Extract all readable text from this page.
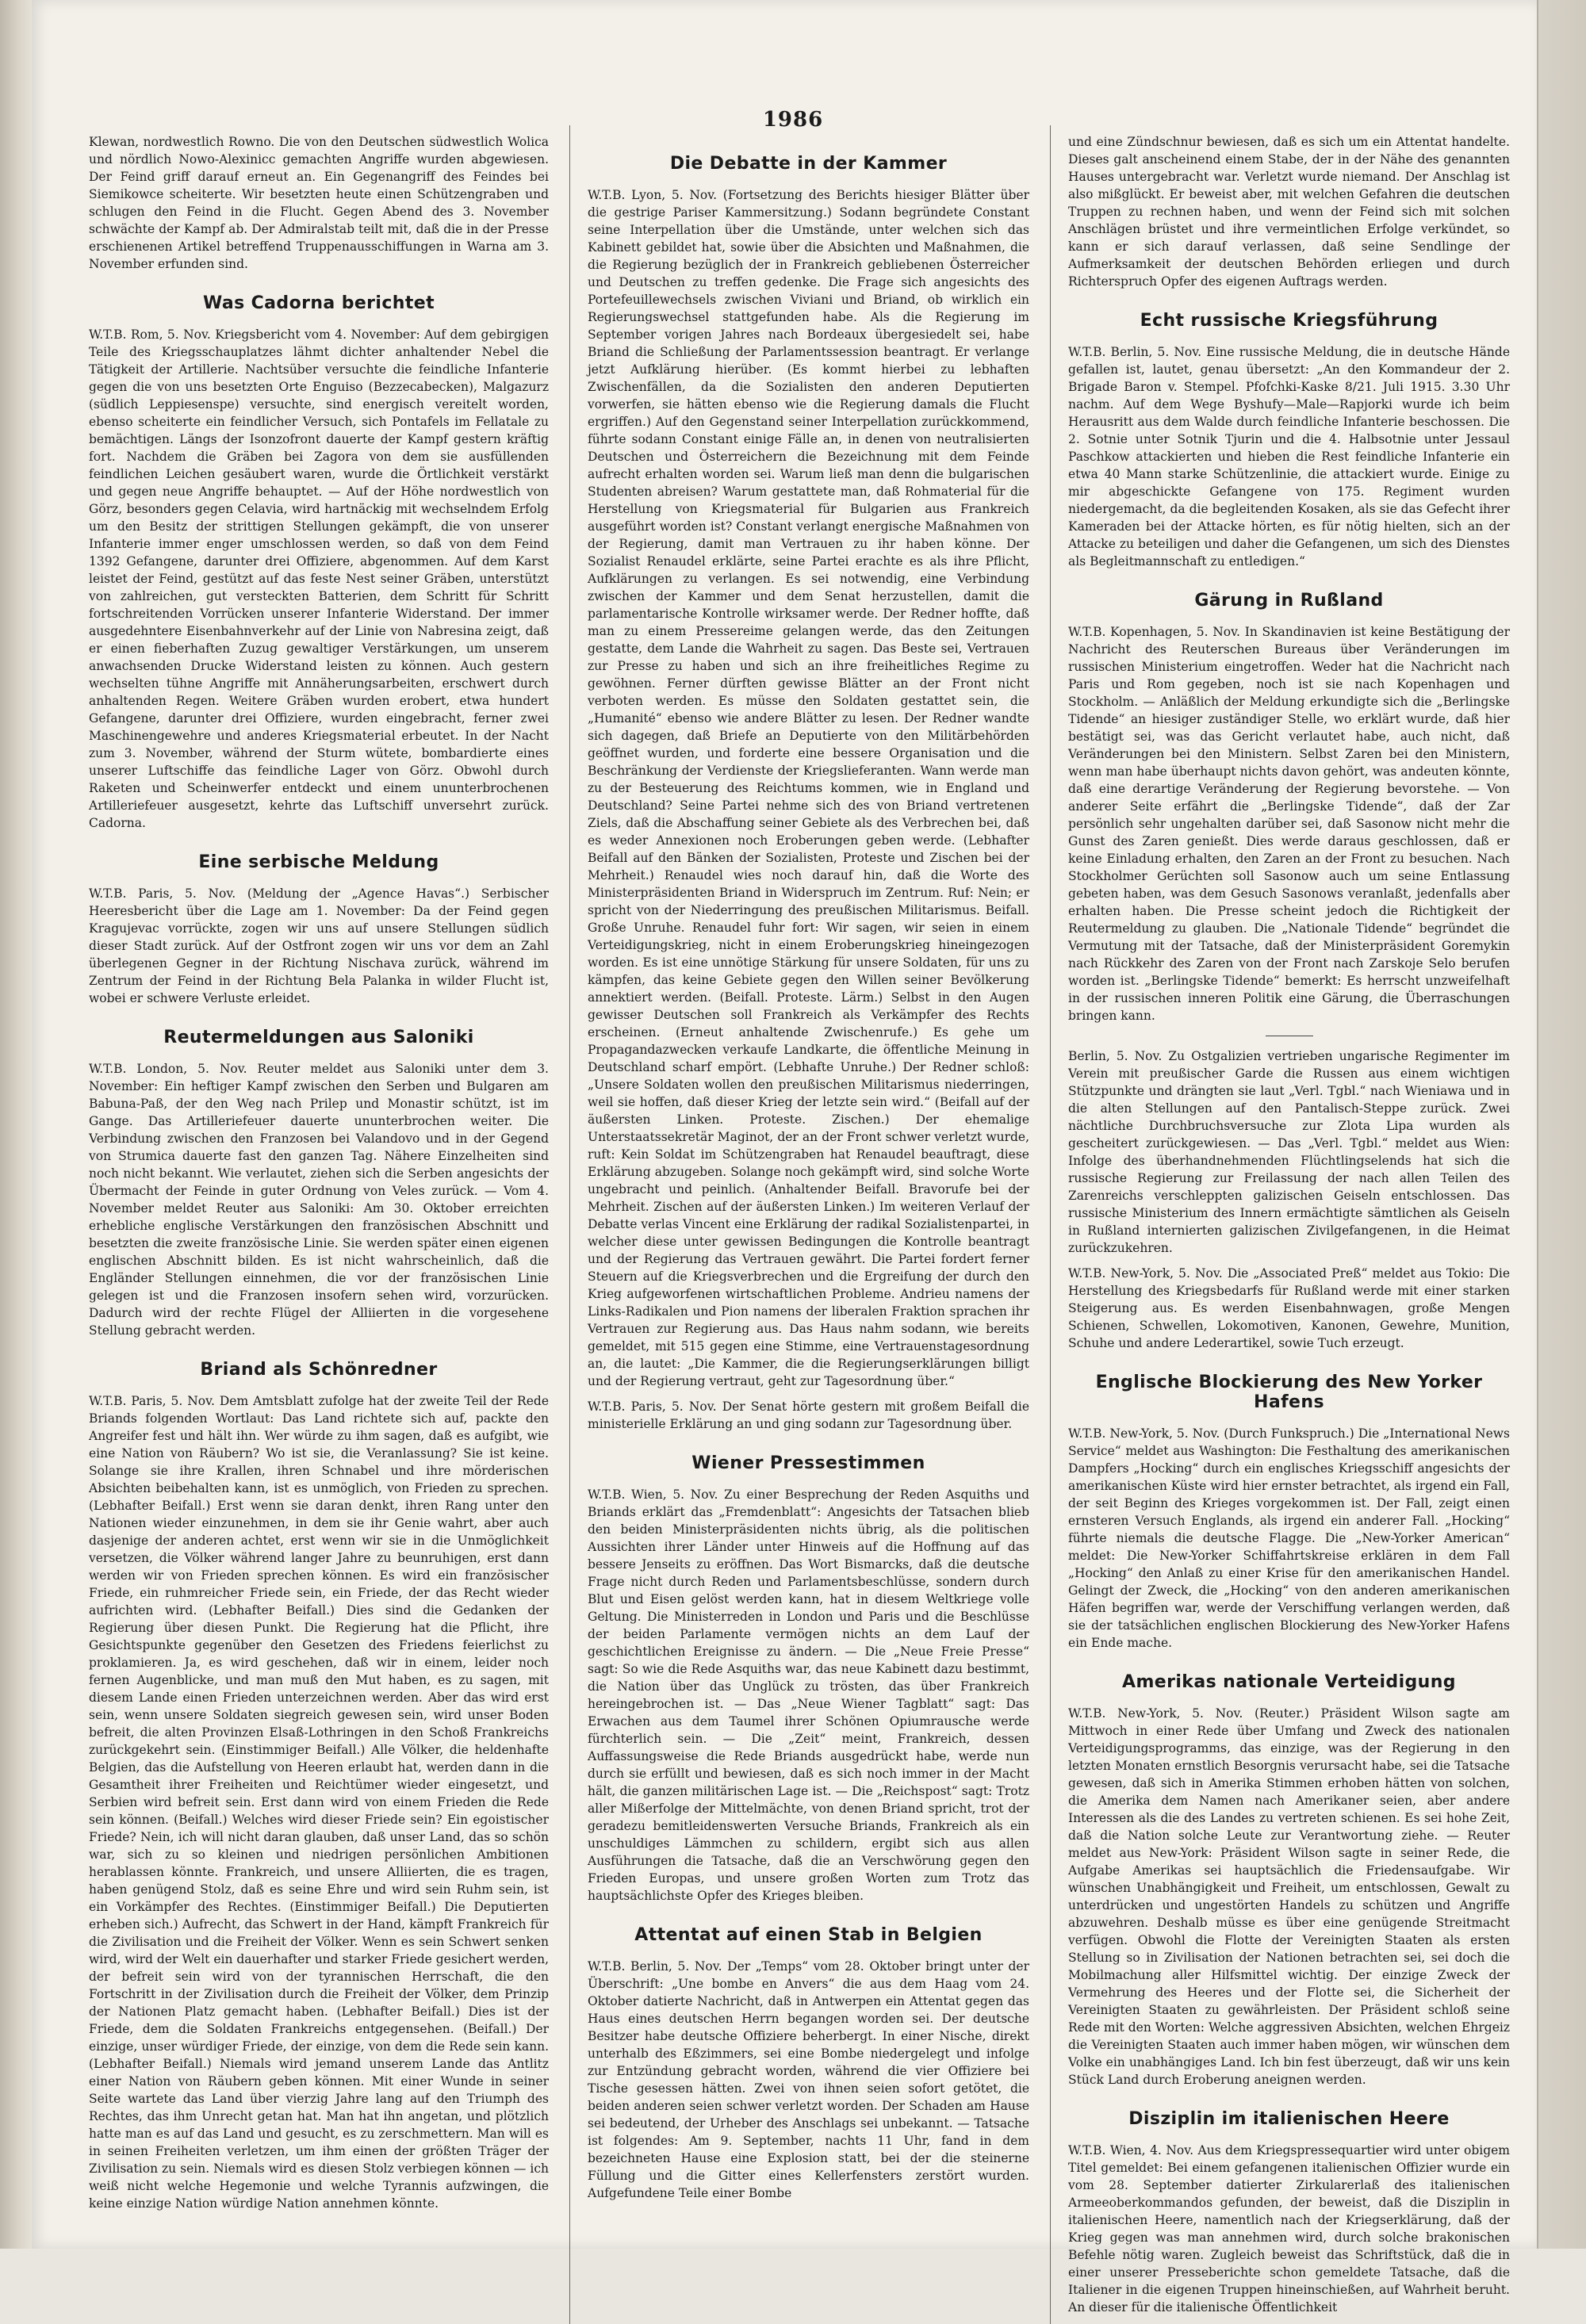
1986

Klewan, nordwestlich Rowno. Die von den Deutschen südwestlich Wolica und nördlich Nowo-Alexinicc gemachten Angriffe wurden abgewiesen. Der Feind griff darauf erneut an. Ein Gegenangriff des Feindes bei Siemikowce scheiterte. Wir besetzten heute einen Schützengraben und schlugen den Feind in die Flucht. Gegen Abend des 3. November schwächte der Kampf ab. Der Admiralstab teilt mit, daß die in der Presse erschienenen Artikel betreffend Truppenausschiffungen in Warna am 3. November erfunden sind.

Was Cadorna berichtet

W.T.B. Rom, 5. Nov. Kriegsbericht vom 4. November: Auf dem gebirgigen Teile des Kriegsschauplatzes lähmt dichter anhaltender Nebel die Tätigkeit der Artillerie. Nachtsüber versuchte die feindliche Infanterie gegen die von uns besetzten Orte Enguiso (Bezzecabecken), Malgazurz (südlich Leppiesenspe) versuchte, sind energisch vereitelt worden, ebenso scheiterte ein feindlicher Versuch, sich Pontafels im Fellatale zu bemächtigen. Längs der Isonzofront dauerte der Kampf gestern kräftig fort. Nachdem die Gräben bei Zagora von dem sie ausfüllenden feindlichen Leichen gesäubert waren, wurde die Örtlichkeit verstärkt und gegen neue Angriffe behauptet. — Auf der Höhe nordwestlich von Görz, besonders gegen Celavia, wird hartnäckig mit wechselndem Erfolg um den Besitz der strittigen Stellungen gekämpft, die von unserer Infanterie immer enger umschlossen werden, so daß von dem Feind 1392 Gefangene, darunter drei Offiziere, abgenommen. Auf dem Karst leistet der Feind, gestützt auf das feste Nest seiner Gräben, unterstützt von zahlreichen, gut versteckten Batterien, dem Schritt für Schritt fortschreitenden Vorrücken unserer Infanterie Widerstand. Der immer ausgedehntere Eisenbahnverkehr auf der Linie von Nabresina zeigt, daß er einen fieberhaften Zuzug gewaltiger Verstärkungen, um unserem anwachsenden Drucke Widerstand leisten zu können. Auch gestern wechselten tühne Angriffe mit Annäherungsarbeiten, erschwert durch anhaltenden Regen. Weitere Gräben wurden erobert, etwa hundert Gefangene, darunter drei Offiziere, wurden eingebracht, ferner zwei Maschinengewehre und anderes Kriegsmaterial erbeutet. In der Nacht zum 3. November, während der Sturm wütete, bombardierte eines unserer Luftschiffe das feindliche Lager von Görz. Obwohl durch Raketen und Scheinwerfer entdeckt und einem ununterbrochenen Artilleriefeuer ausgesetzt, kehrte das Luftschiff unversehrt zurück. Cadorna.

Eine serbische Meldung

W.T.B. Paris, 5. Nov. (Meldung der „Agence Havas“.) Serbischer Heeresbericht über die Lage am 1. November: Da der Feind gegen Kragujevac vorrückte, zogen wir uns auf unsere Stellungen südlich dieser Stadt zurück. Auf der Ostfront zogen wir uns vor dem an Zahl überlegenen Gegner in der Richtung Nischava zurück, während im Zentrum der Feind in der Richtung Bela Palanka in wilder Flucht ist, wobei er schwere Verluste erleidet.

Reutermeldungen aus Saloniki

W.T.B. London, 5. Nov. Reuter meldet aus Saloniki unter dem 3. November: Ein heftiger Kampf zwischen den Serben und Bulgaren am Babuna-Paß, der den Weg nach Prilep und Monastir schützt, ist im Gange. Das Artilleriefeuer dauerte ununterbrochen weiter. Die Verbindung zwischen den Franzosen bei Valandovo und in der Gegend von Strumica dauerte fast den ganzen Tag. Nähere Einzelheiten sind noch nicht bekannt. Wie verlautet, ziehen sich die Serben angesichts der Übermacht der Feinde in guter Ordnung von Veles zurück. — Vom 4. November meldet Reuter aus Saloniki: Am 30. Oktober erreichten erhebliche englische Verstärkungen den französischen Abschnitt und besetzten die zweite französische Linie. Sie werden später einen eigenen englischen Abschnitt bilden. Es ist nicht wahrscheinlich, daß die Engländer Stellungen einnehmen, die vor der französischen Linie gelegen ist und die Franzosen insofern sehen wird, vorzurücken. Dadurch wird der rechte Flügel der Alliierten in die vorgesehene Stellung gebracht werden.

Briand als Schönredner

W.T.B. Paris, 5. Nov. Dem Amtsblatt zufolge hat der zweite Teil der Rede Briands folgenden Wortlaut: Das Land richtete sich auf, packte den Angreifer fest und hält ihn. Wer würde zu ihm sagen, daß es aufgibt, wie eine Nation von Räubern? Wo ist sie, die Veranlassung? Sie ist keine. Solange sie ihre Krallen, ihren Schnabel und ihre mörderischen Absichten beibehalten kann, ist es unmöglich, von Frieden zu sprechen. (Lebhafter Beifall.) Erst wenn sie daran denkt, ihren Rang unter den Nationen wieder einzunehmen, in dem sie ihr Genie wahrt, aber auch dasjenige der anderen achtet, erst wenn wir sie in die Unmöglichkeit versetzen, die Völker während langer Jahre zu beunruhigen, erst dann werden wir von Frieden sprechen können. Es wird ein französischer Friede, ein ruhmreicher Friede sein, ein Friede, der das Recht wieder aufrichten wird. (Lebhafter Beifall.) Dies sind die Gedanken der Regierung über diesen Punkt. Die Regierung hat die Pflicht, ihre Gesichtspunkte gegenüber den Gesetzen des Friedens feierlichst zu proklamieren. Ja, es wird geschehen, daß wir in einem, leider noch fernen Augenblicke, und man muß den Mut haben, es zu sagen, mit diesem Lande einen Frieden unterzeichnen werden. Aber das wird erst sein, wenn unsere Soldaten siegreich gewesen sein, wird unser Boden befreit, die alten Provinzen Elsaß-Lothringen in den Schoß Frankreichs zurückgekehrt sein. (Einstimmiger Beifall.) Alle Völker, die heldenhafte Belgien, das die Aufstellung von Heeren erlaubt hat, werden dann in die Gesamtheit ihrer Freiheiten und Reichtümer wieder eingesetzt, und Serbien wird befreit sein. Erst dann wird von einem Frieden die Rede sein können. (Beifall.) Welches wird dieser Friede sein? Ein egoistischer Friede? Nein, ich will nicht daran glauben, daß unser Land, das so schön war, sich zu so kleinen und niedrigen persönlichen Ambitionen herablassen könnte. Frankreich, und unsere Alliierten, die es tragen, haben genügend Stolz, daß es seine Ehre und wird sein Ruhm sein, ist ein Vorkämpfer des Rechtes. (Einstimmiger Beifall.) Die Deputierten erheben sich.) Aufrecht, das Schwert in der Hand, kämpft Frankreich für die Zivilisation und die Freiheit der Völker. Wenn es sein Schwert senken wird, wird der Welt ein dauerhafter und starker Friede gesichert werden, der befreit sein wird von der tyrannischen Herrschaft, die den Fortschritt in der Zivilisation durch die Freiheit der Völker, dem Prinzip der Nationen Platz gemacht haben. (Lebhafter Beifall.) Dies ist der Friede, dem die Soldaten Frankreichs entgegensehen. (Beifall.) Der einzige, unser würdiger Friede, der einzige, von dem die Rede sein kann. (Lebhafter Beifall.) Niemals wird jemand unserem Lande das Antlitz einer Nation von Räubern geben können. Mit einer Wunde in seiner Seite wartete das Land über vierzig Jahre lang auf den Triumph des Rechtes, das ihm Unrecht getan hat. Man hat ihn angetan, und plötzlich hatte man es auf das Land und gesucht, es zu zerschmettern. Man will es in seinen Freiheiten verletzen, um ihm einen der größten Träger der Zivilisation zu sein. Niemals wird es diesen Stolz verbiegen können — ich weiß nicht welche Hegemonie und welche Tyrannis aufzwingen, die keine einzige Nation würdige Nation annehmen könnte.

Die Debatte in der Kammer

W.T.B. Lyon, 5. Nov. (Fortsetzung des Berichts hiesiger Blätter über die gestrige Pariser Kammersitzung.) Sodann begründete Constant seine Interpellation über die Umstände, unter welchen sich das Kabinett gebildet hat, sowie über die Absichten und Maßnahmen, die die Regierung bezüglich der in Frankreich gebliebenen Österreicher und Deutschen zu treffen gedenke. Die Frage sich angesichts des Portefeuillewechsels zwischen Viviani und Briand, ob wirklich ein Regierungswechsel stattgefunden habe. Als die Regierung im September vorigen Jahres nach Bordeaux übergesiedelt sei, habe Briand die Schließung der Parlamentssession beantragt. Er verlange jetzt Aufklärung hierüber. (Es kommt hierbei zu lebhaften Zwischenfällen, da die Sozialisten den anderen Deputierten vorwerfen, sie hätten ebenso wie die Regierung damals die Flucht ergriffen.) Auf den Gegenstand seiner Interpellation zurückkommend, führte sodann Constant einige Fälle an, in denen von neutralisierten Deutschen und Österreichern die Bezeichnung mit dem Feinde aufrecht erhalten worden sei. Warum ließ man denn die bulgarischen Studenten abreisen? Warum gestattete man, daß Rohmaterial für die Herstellung von Kriegsmaterial für Bulgarien aus Frankreich ausgeführt worden ist? Constant verlangt energische Maßnahmen von der Regierung, damit man Vertrauen zu ihr haben könne. Der Sozialist Renaudel erklärte, seine Partei erachte es als ihre Pflicht, Aufklärungen zu verlangen. Es sei notwendig, eine Verbindung zwischen der Kammer und dem Senat herzustellen, damit die parlamentarische Kontrolle wirksamer werde. Der Redner hoffte, daß man zu einem Pressereime gelangen werde, das den Zeitungen gestatte, dem Lande die Wahrheit zu sagen. Das Beste sei, Vertrauen zur Presse zu haben und sich an ihre freiheitliches Regime zu gewöhnen. Ferner dürften gewisse Blätter an der Front nicht verboten werden. Es müsse den Soldaten gestattet sein, die „Humanité“ ebenso wie andere Blätter zu lesen. Der Redner wandte sich dagegen, daß Briefe an Deputierte von den Militärbehörden geöffnet wurden, und forderte eine bessere Organisation und die Beschränkung der Verdienste der Kriegslieferanten. Wann werde man zu der Besteuerung des Reichtums kommen, wie in England und Deutschland? Seine Partei nehme sich des von Briand vertretenen Ziels, daß die Abschaffung seiner Gebiete als des Verbrechen bei, daß es weder Annexionen noch Eroberungen geben werde. (Lebhafter Beifall auf den Bänken der Sozialisten, Proteste und Zischen bei der Mehrheit.) Renaudel wies noch darauf hin, daß die Worte des Ministerpräsidenten Briand in Widerspruch im Zentrum. Ruf: Nein; er spricht von der Niederringung des preußischen Militarismus. Beifall. Große Unruhe. Renaudel fuhr fort: Wir sagen, wir seien in einem Verteidigungskrieg, nicht in einem Eroberungskrieg hineingezogen worden. Es ist eine unnötige Stärkung für unsere Soldaten, für uns zu kämpfen, das keine Gebiete gegen den Willen seiner Bevölkerung annektiert werden. (Beifall. Proteste. Lärm.) Selbst in den Augen gewisser Deutschen soll Frankreich als Verkämpfer des Rechts erscheinen. (Erneut anhaltende Zwischenrufe.) Es gehe um Propagandazwecken verkaufe Landkarte, die öffentliche Meinung in Deutschland scharf empört. (Lebhafte Unruhe.) Der Redner schloß: „Unsere Soldaten wollen den preußischen Militarismus niederringen, weil sie hoffen, daß dieser Krieg der letzte sein wird.“ (Beifall auf der äußersten Linken. Proteste. Zischen.) Der ehemalige Unterstaatssekretär Maginot, der an der Front schwer verletzt wurde, ruft: Kein Soldat im Schützengraben hat Renaudel beauftragt, diese Erklärung abzugeben. Solange noch gekämpft wird, sind solche Worte ungebracht und peinlich. (Anhaltender Beifall. Bravorufe bei der Mehrheit. Zischen auf der äußersten Linken.) Im weiteren Verlauf der Debatte verlas Vincent eine Erklärung der radikal Sozialistenpartei, in welcher diese unter gewissen Bedingungen die Kontrolle beantragt und der Regierung das Vertrauen gewährt. Die Partei fordert ferner Steuern auf die Kriegsverbrechen und die Ergreifung der durch den Krieg aufgeworfenen wirtschaftlichen Probleme. Andrieu namens der Links-Radikalen und Pion namens der liberalen Fraktion sprachen ihr Vertrauen zur Regierung aus. Das Haus nahm sodann, wie bereits gemeldet, mit 515 gegen eine Stimme, eine Vertrauenstagesordnung an, die lautet: „Die Kammer, die die Regierungserklärungen billigt und der Regierung vertraut, geht zur Tagesordnung über.“

W.T.B. Paris, 5. Nov. Der Senat hörte gestern mit großem Beifall die ministerielle Erklärung an und ging sodann zur Tagesordnung über.

Wiener Pressestimmen

W.T.B. Wien, 5. Nov. Zu einer Besprechung der Reden Asquiths und Briands erklärt das „Fremdenblatt“: Angesichts der Tatsachen blieb den beiden Ministerpräsidenten nichts übrig, als die politischen Aussichten ihrer Länder unter Hinweis auf die Hoffnung auf das bessere Jenseits zu eröffnen. Das Wort Bismarcks, daß die deutsche Frage nicht durch Reden und Parlamentsbeschlüsse, sondern durch Blut und Eisen gelöst werden kann, hat in diesem Weltkriege volle Geltung. Die Ministerreden in London und Paris und die Beschlüsse der beiden Parlamente vermögen nichts an dem Lauf der geschichtlichen Ereignisse zu ändern. — Die „Neue Freie Presse“ sagt: So wie die Rede Asquiths war, das neue Kabinett dazu bestimmt, die Nation über das Unglück zu trösten, das über Frankreich hereingebrochen ist. — Das „Neue Wiener Tagblatt“ sagt: Das Erwachen aus dem Taumel ihrer Schönen Opiumrausche werde fürchterlich sein. — Die „Zeit“ meint, Frankreich, dessen Auffassungsweise die Rede Briands ausgedrückt habe, werde nun durch sie erfüllt und bewiesen, daß es sich noch immer in der Macht hält, die ganzen militärischen Lage ist. — Die „Reichspost“ sagt: Trotz aller Mißerfolge der Mittelmächte, von denen Briand spricht, trot der geradezu bemitleidenswerten Versuche Briands, Frankreich als ein unschuldiges Lämmchen zu schildern, ergibt sich aus allen Ausführungen die Tatsache, daß die an Verschwörung gegen den Frieden Europas, und unsere großen Worten zum Trotz das hauptsächlichste Opfer des Krieges bleiben.

Attentat auf einen Stab in Belgien

W.T.B. Berlin, 5. Nov. Der „Temps“ vom 28. Oktober bringt unter der Überschrift: „Une bombe en Anvers“ die aus dem Haag vom 24. Oktober datierte Nachricht, daß in Antwerpen ein Attentat gegen das Haus eines deutschen Herrn begangen worden sei. Der deutsche Besitzer habe deutsche Offiziere beherbergt. In einer Nische, direkt unterhalb des Eßzimmers, sei eine Bombe niedergelegt und infolge zur Entzündung gebracht worden, während die vier Offiziere bei Tische gesessen hätten. Zwei von ihnen seien sofort getötet, die beiden anderen seien schwer verletzt worden. Der Schaden am Hause sei bedeutend, der Urheber des Anschlags sei unbekannt. — Tatsache ist folgendes: Am 9. September, nachts 11 Uhr, fand in dem bezeichneten Hause eine Explosion statt, bei der die steinerne Füllung und die Gitter eines Kellerfensters zerstört wurden. Aufgefundene Teile einer Bombe

und eine Zündschnur bewiesen, daß es sich um ein Attentat handelte. Dieses galt anscheinend einem Stabe, der in der Nähe des genannten Hauses untergebracht war. Verletzt wurde niemand. Der Anschlag ist also mißglückt. Er beweist aber, mit welchen Gefahren die deutschen Truppen zu rechnen haben, und wenn der Feind sich mit solchen Anschlägen brüstet und ihre vermeintlichen Erfolge verkündet, so kann er sich darauf verlassen, daß seine Sendlinge der Aufmerksamkeit der deutschen Behörden erliegen und durch Richterspruch Opfer des eigenen Auftrags werden.

Echt russische Kriegsführung

W.T.B. Berlin, 5. Nov. Eine russische Meldung, die in deutsche Hände gefallen ist, lautet, genau übersetzt: „An den Kommandeur der 2. Brigade Baron v. Stempel. Pfofchki-Kaske 8/21. Juli 1915. 3.30 Uhr nachm. Auf dem Wege Byshufy—Male—Rapjorki wurde ich beim Herausritt aus dem Walde durch feindliche Infanterie beschossen. Die 2. Sotnie unter Sotnik Tjurin und die 4. Halbsotnie unter Jessaul Paschkow attackierten und hieben die Rest feindliche Infanterie ein etwa 40 Mann starke Schützenlinie, die attackiert wurde. Einige zu mir abgeschickte Gefangene von 175. Regiment wurden niedergemacht, da die begleitenden Kosaken, als sie das Gefecht ihrer Kameraden bei der Attacke hörten, es für nötig hielten, sich an der Attacke zu beteiligen und daher die Gefangenen, um sich des Dienstes als Begleitmannschaft zu entledigen.“

Gärung in Rußland

W.T.B. Kopenhagen, 5. Nov. In Skandinavien ist keine Bestätigung der Nachricht des Reuterschen Bureaus über Veränderungen im russischen Ministerium eingetroffen. Weder hat die Nachricht nach Paris und Rom gegeben, noch ist sie nach Kopenhagen und Stockholm. — Anläßlich der Meldung erkundigte sich die „Berlingske Tidende“ an hiesiger zuständiger Stelle, wo erklärt wurde, daß hier bestätigt sei, was das Gericht verlautet habe, auch nicht, daß Veränderungen bei den Ministern. Selbst Zaren bei den Ministern, wenn man habe überhaupt nichts davon gehört, was andeuten könnte, daß eine derartige Veränderung der Regierung bevorstehe. — Von anderer Seite erfährt die „Berlingske Tidende“, daß der Zar persönlich sehr ungehalten darüber sei, daß Sasonow nicht mehr die Gunst des Zaren genießt. Dies werde daraus geschlossen, daß er keine Einladung erhalten, den Zaren an der Front zu besuchen. Nach Stockholmer Gerüchten soll Sasonow auch um seine Entlassung gebeten haben, was dem Gesuch Sasonows veranlaßt, jedenfalls aber erhalten haben. Die Presse scheint jedoch die Richtigkeit der Reutermeldung zu glauben. Die „Nationale Tidende“ begründet die Vermutung mit der Tatsache, daß der Ministerpräsident Goremykin nach Rückkehr des Zaren von der Front nach Zarskoje Selo berufen worden ist. „Berlingske Tidende“ bemerkt: Es herrscht unzweifelhaft in der russischen inneren Politik eine Gärung, die Überraschungen bringen kann.

Berlin, 5. Nov. Zu Ostgalizien vertrieben ungarische Regimenter im Verein mit preußischer Garde die Russen aus einem wichtigen Stützpunkte und drängten sie laut „Verl. Tgbl.“ nach Wieniawa und in die alten Stellungen auf den Pantalisch-Steppe zurück. Zwei nächtliche Durchbruchsversuche zur Zlota Lipa wurden als gescheitert zurückgewiesen. — Das „Verl. Tgbl.“ meldet aus Wien: Infolge des überhandnehmenden Flüchtlingselends hat sich die russische Regierung zur Freilassung der nach allen Teilen des Zarenreichs verschleppten galizischen Geiseln entschlossen. Das russische Ministerium des Innern ermächtigte sämtlichen als Geiseln in Rußland internierten galizischen Zivilgefangenen, in die Heimat zurückzukehren.

W.T.B. New-York, 5. Nov. Die „Associated Preß“ meldet aus Tokio: Die Herstellung des Kriegsbedarfs für Rußland werde mit einer starken Steigerung aus. Es werden Eisenbahnwagen, große Mengen Schienen, Schwellen, Lokomotiven, Kanonen, Gewehre, Munition, Schuhe und andere Lederartikel, sowie Tuch erzeugt.

Englische Blockierung des New Yorker Hafens

W.T.B. New-York, 5. Nov. (Durch Funkspruch.) Die „International News Service“ meldet aus Washington: Die Festhaltung des amerikanischen Dampfers „Hocking“ durch ein englisches Kriegsschiff angesichts der amerikanischen Küste wird hier ernster betrachtet, als irgend ein Fall, der seit Beginn des Krieges vorgekommen ist. Der Fall, zeigt einen ernsteren Versuch Englands, als irgend ein anderer Fall. „Hocking“ führte niemals die deutsche Flagge. Die „New-Yorker American“ meldet: Die New-Yorker Schiffahrtskreise erklären in dem Fall „Hocking“ den Anlaß zu einer Krise für den amerikanischen Handel. Gelingt der Zweck, die „Hocking“ von den anderen amerikanischen Häfen begriffen war, werde der Verschiffung verlangen werden, daß sie der tatsächlichen englischen Blockierung des New-Yorker Hafens ein Ende mache.

Amerikas nationale Verteidigung

W.T.B. New-York, 5. Nov. (Reuter.) Präsident Wilson sagte am Mittwoch in einer Rede über Umfang und Zweck des nationalen Verteidigungsprogramms, das einzige, was der Regierung in den letzten Monaten ernstlich Besorgnis verursacht habe, sei die Tatsache gewesen, daß sich in Amerika Stimmen erhoben hätten von solchen, die Amerika dem Namen nach Amerikaner seien, aber andere Interessen als die des Landes zu vertreten schienen. Es sei hohe Zeit, daß die Nation solche Leute zur Verantwortung ziehe. — Reuter meldet aus New-York: Präsident Wilson sagte in seiner Rede, die Aufgabe Amerikas sei hauptsächlich die Friedensaufgabe. Wir wünschen Unabhängigkeit und Freiheit, um entschlossen, Gewalt zu unterdrücken und ungestörten Handels zu schützen und Angriffe abzuwehren. Deshalb müsse es über eine genügende Streitmacht verfügen. Obwohl die Flotte der Vereinigten Staaten als ersten Stellung so in Zivilisation der Nationen betrachten sei, sei doch die Mobilmachung aller Hilfsmittel wichtig. Der einzige Zweck der Vermehrung des Heeres und der Flotte sei, die Sicherheit der Vereinigten Staaten zu gewährleisten. Der Präsident schloß seine Rede mit den Worten: Welche aggressiven Absichten, welchen Ehrgeiz die Vereinigten Staaten auch immer haben mögen, wir wünschen dem Volke ein unabhängiges Land. Ich bin fest überzeugt, daß wir uns kein Stück Land durch Eroberung aneignen werden.

Disziplin im italienischen Heere

W.T.B. Wien, 4. Nov. Aus dem Kriegspressequartier wird unter obigem Titel gemeldet: Bei einem gefangenen italienischen Offizier wurde ein vom 28. September datierter Zirkularerlaß des italienischen Armeeoberkommandos gefunden, der beweist, daß die Disziplin in italienischen Heere, namentlich nach der Kriegserklärung, daß der Krieg gegen was man annehmen wird, durch solche brakonischen Befehle nötig waren. Zugleich beweist das Schriftstück, daß die in einer unserer Presseberichte schon gemeldete Tatsache, daß die Italiener in die eigenen Truppen hineinschießen, auf Wahrheit beruht. An dieser für die italienische Öffentlichkeit
